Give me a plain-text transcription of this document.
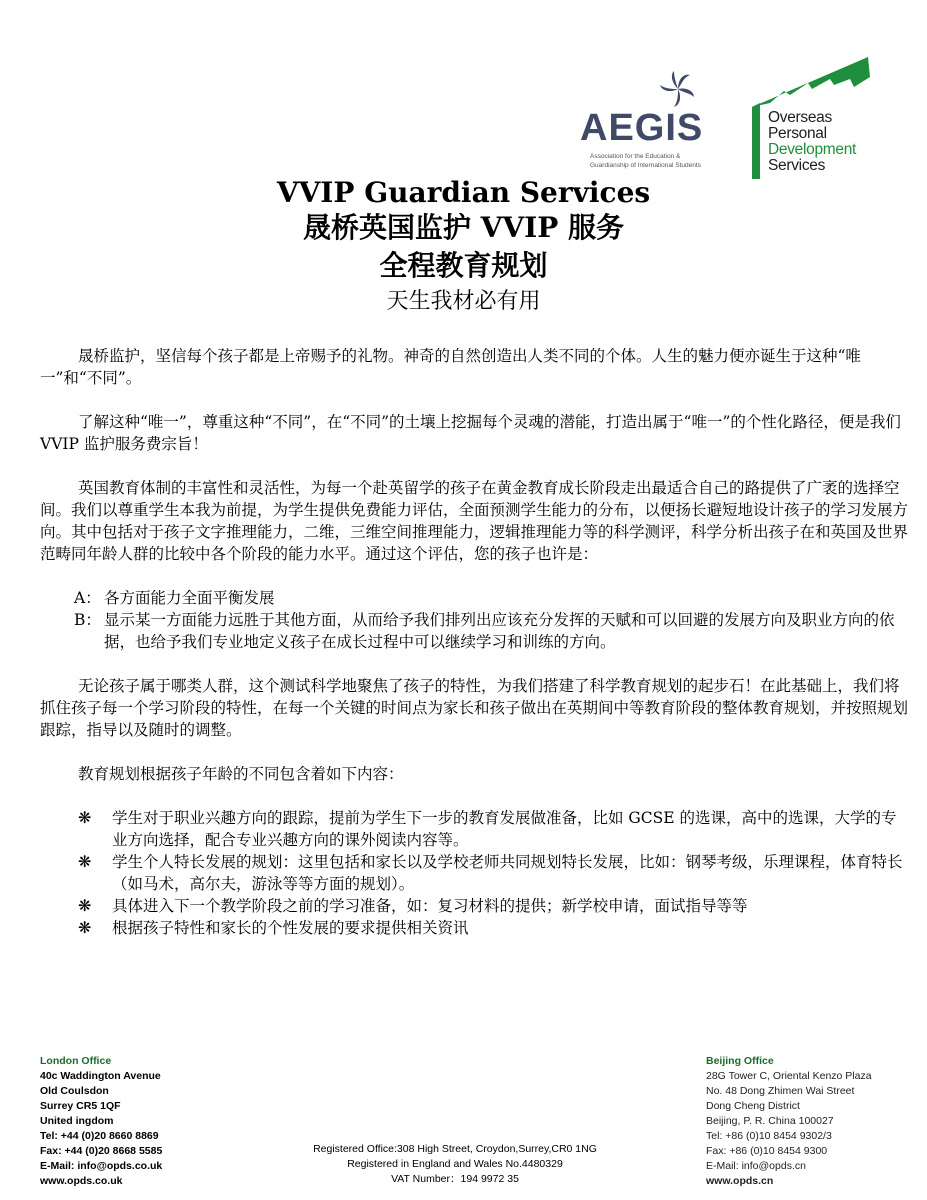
AEGIS
Association for the Education & Guardianship of International Students
Overseas
Personal
Development
Services
VVIP Guardian Services
晟桥英国监护 VVIP 服务
全程教育规划
天生我材必有用

晟桥监护，坚信每个孩子都是上帝赐予的礼物。神奇的自然创造出人类不同的个体。人生的魅力便亦诞生于这种“唯一”和“不同”。

了解这种“唯一”，尊重这种“不同”，在“不同”的土壤上挖掘每个灵魂的潜能，打造出属于“唯一”的个性化路径，便是我们 VVIP 监护服务费宗旨！

英国教育体制的丰富性和灵活性，为每一个赴英留学的孩子在黄金教育成长阶段走出最适合自己的路提供了广袤的选择空间。我们以尊重学生本我为前提，为学生提供免费能力评估，全面预测学生能力的分布，以便扬长避短地设计孩子的学习发展方向。其中包括对于孩子文字推理能力，二维，三维空间推理能力，逻辑推理能力等的科学测评，科学分析出孩子在和英国及世界范畴同年龄人群的比较中各个阶段的能力水平。通过这个评估，您的孩子也许是：

A： 各方面能力全面平衡发展
B： 显示某一方面能力远胜于其他方面，从而给予我们排列出应该充分发挥的天赋和可以回避的发展方向及职业方向的依据，也给予我们专业地定义孩子在成长过程中可以继续学习和训练的方向。

无论孩子属于哪类人群，这个测试科学地聚焦了孩子的特性，为我们搭建了科学教育规划的起步石！在此基础上，我们将抓住孩子每一个学习阶段的特性，在每一个关键的时间点为家长和孩子做出在英期间中等教育阶段的整体教育规划，并按照规划跟踪，指导以及随时的调整。

教育规划根据孩子年龄的不同包含着如下内容：

❋ 学生对于职业兴趣方向的跟踪，提前为学生下一步的教育发展做准备，比如 GCSE 的选课，高中的选课，大学的专业方向选择，配合专业兴趣方向的课外阅读内容等。
❋ 学生个人特长发展的规划：这里包括和家长以及学校老师共同规划特长发展，比如：钢琴考级，乐理课程，体育特长（如马术，高尔夫，游泳等等方面的规划）。
❋ 具体进入下一个教学阶段之前的学习准备，如：复习材料的提供；新学校申请，面试指导等等
❋ 根据孩子特性和家长的个性发展的要求提供相关资讯
London Office
40c Waddington Avenue
Old Coulsdon
Surrey CR5 1QF
United ingdom
Tel: +44 (0)20 8660 8869
Fax: +44 (0)20 8668 5585
E-Mail: info@opds.co.uk
www.opds.co.uk
Registered Office:308 High Street, Croydon,Surrey,CR0 1NG
Registered in England and Wales No.4480329
VAT Number：194 9972 35
Beijing Office
28G Tower C, Oriental Kenzo Plaza
No. 48 Dong Zhimen Wai Street
Dong Cheng District
Beijing, P. R. China 100027
Tel: +86 (0)10 8454 9302/3
Fax: +86 (0)10 8454 9300
E-Mail: info@opds.cn
www.opds.cn
